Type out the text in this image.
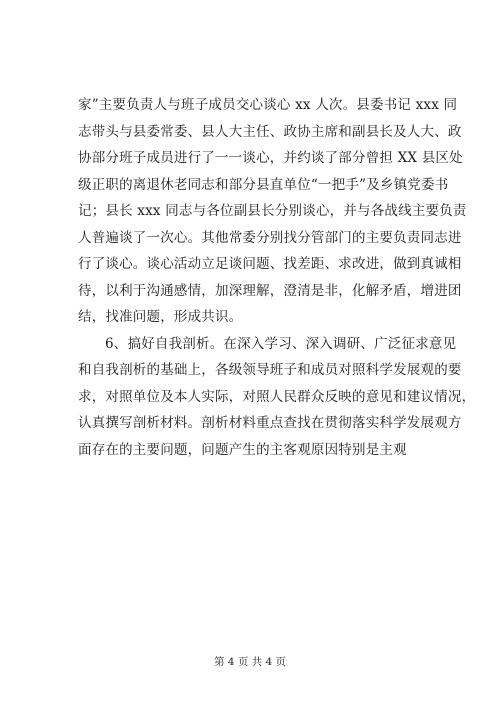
家”主要负责人与班子成员交心谈心 xx 人次。县委书记 xxx 同
志带头与县委常委、县人大主任、政协主席和副县长及人大、政
协部分班子成员进行了一一谈心，并约谈了部分曾担 XX 县区处
级正职的离退休老同志和部分县直单位“一把手”及乡镇党委书
记；县长 xxx 同志与各位副县长分别谈心，并与各战线主要负责
人普遍谈了一次心。其他常委分别找分管部门的主要负责同志进
行了谈心。谈心活动立足谈问题、找差距、求改进，做到真诚相
待，以利于沟通感情，加深理解，澄清是非，化解矛盾，增进团
结，找准问题，形成共识。

6、搞好自我剖析。在深入学习、深入调研、广泛征求意见
和自我剖析的基础上，各级领导班子和成员对照科学发展观的要
求，对照单位及本人实际，对照人民群众反映的意见和建议情况，
认真撰写剖析材料。剖析材料重点查找在贯彻落实科学发展观方
面存在的主要问题，问题产生的主客观原因特别是主观

第 4 页 共 4 页
